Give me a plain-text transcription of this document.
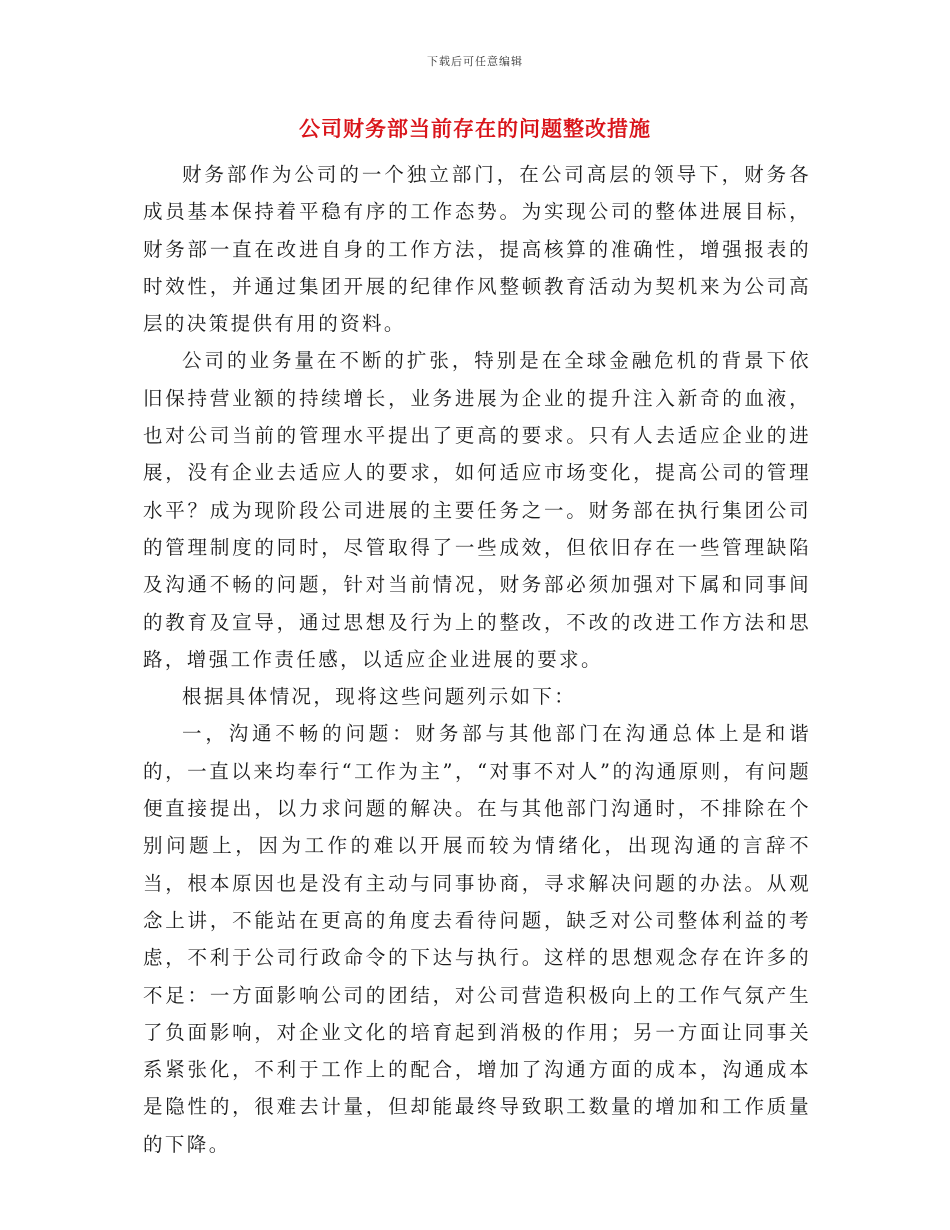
下载后可任意编辑
公司财务部当前存在的问题整改措施

财务部作为公司的一个独立部门，在公司高层的领导下，财务各成员基本保持着平稳有序的工作态势。为实现公司的整体进展目标，财务部一直在改进自身的工作方法，提高核算的准确性，增强报表的时效性，并通过集团开展的纪律作风整顿教育活动为契机来为公司高层的决策提供有用的资料。

公司的业务量在不断的扩张，特别是在全球金融危机的背景下依旧保持营业额的持续增长，业务进展为企业的提升注入新奇的血液，也对公司当前的管理水平提出了更高的要求。只有人去适应企业的进展，没有企业去适应人的要求，如何适应市场变化，提高公司的管理水平？成为现阶段公司进展的主要任务之一。财务部在执行集团公司的管理制度的同时，尽管取得了一些成效，但依旧存在一些管理缺陷及沟通不畅的问题，针对当前情况，财务部必须加强对下属和同事间的教育及宣导，通过思想及行为上的整改，不改的改进工作方法和思路，增强工作责任感，以适应企业进展的要求。

根据具体情况，现将这些问题列示如下：

一，沟通不畅的问题：财务部与其他部门在沟通总体上是和谐的，一直以来均奉行“工作为主”，“对事不对人”的沟通原则，有问题便直接提出，以力求问题的解决。在与其他部门沟通时，不排除在个别问题上，因为工作的难以开展而较为情绪化，出现沟通的言辞不当，根本原因也是没有主动与同事协商，寻求解决问题的办法。从观念上讲，不能站在更高的角度去看待问题，缺乏对公司整体利益的考虑，不利于公司行政命令的下达与执行。这样的思想观念存在许多的不足：一方面影响公司的团结，对公司营造积极向上的工作气氛产生了负面影响，对企业文化的培育起到消极的作用；另一方面让同事关系紧张化，不利于工作上的配合，增加了沟通方面的成本，沟通成本是隐性的，很难去计量，但却能最终导致职工数量的增加和工作质量的下降。
